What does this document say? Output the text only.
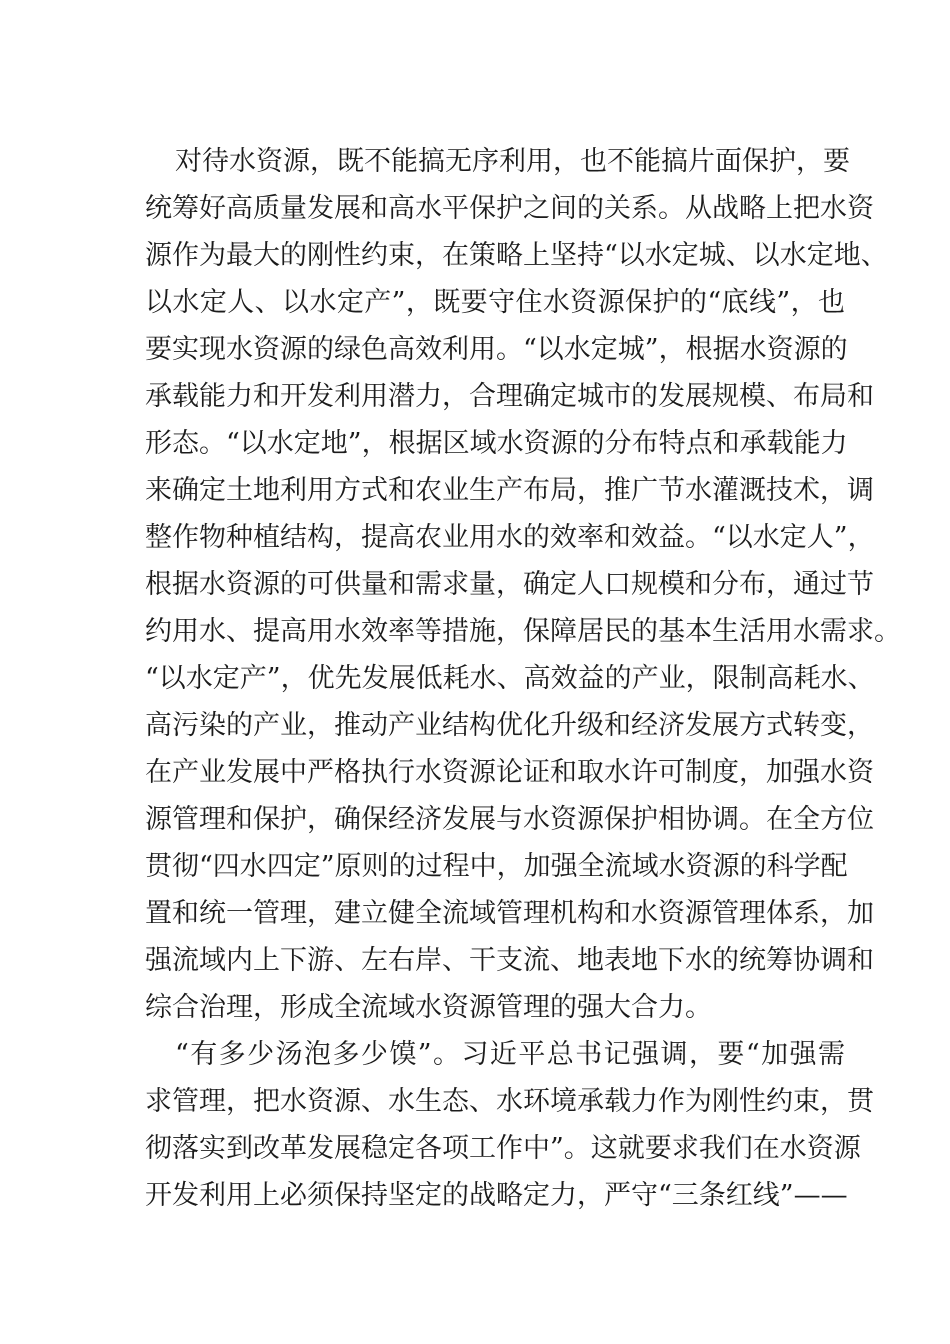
对待水资源，既不能搞无序利用，也不能搞片面保护，要
统筹好高质量发展和高水平保护之间的关系。从战略上把水资
源作为最大的刚性约束，在策略上坚持“以水定城、以水定地、
以水定人、以水定产”，既要守住水资源保护的“底线”，也
要实现水资源的绿色高效利用。“以水定城”，根据水资源的
承载能力和开发利用潜力，合理确定城市的发展规模、布局和
形态。“以水定地”，根据区域水资源的分布特点和承载能力
来确定土地利用方式和农业生产布局，推广节水灌溉技术，调
整作物种植结构，提高农业用水的效率和效益。“以水定人”，
根据水资源的可供量和需求量，确定人口规模和分布，通过节
约用水、提高用水效率等措施，保障居民的基本生活用水需求。
“以水定产”，优先发展低耗水、高效益的产业，限制高耗水、
高污染的产业，推动产业结构优化升级和经济发展方式转变，
在产业发展中严格执行水资源论证和取水许可制度，加强水资
源管理和保护，确保经济发展与水资源保护相协调。在全方位
贯彻“四水四定”原则的过程中，加强全流域水资源的科学配
置和统一管理，建立健全流域管理机构和水资源管理体系，加
强流域内上下游、左右岸、干支流、地表地下水的统筹协调和
综合治理，形成全流域水资源管理的强大合力。
“有多少汤泡多少馍”。习近平总书记强调，要“加强需
求管理，把水资源、水生态、水环境承载力作为刚性约束，贯
彻落实到改革发展稳定各项工作中”。这就要求我们在水资源
开发利用上必须保持坚定的战略定力，严守“三条红线”——
